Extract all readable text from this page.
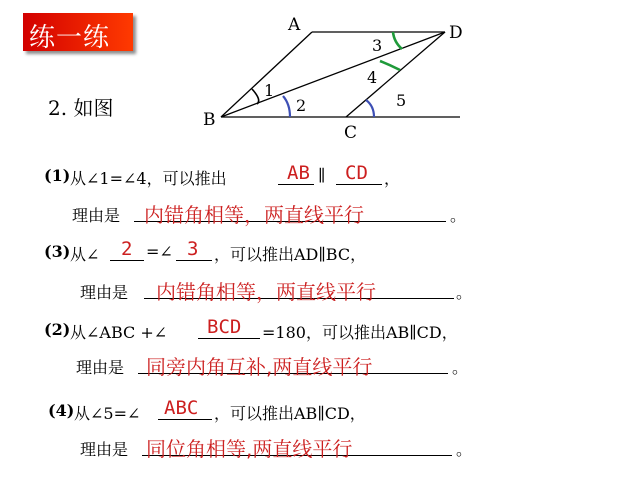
练一练
2. 如图
A	D
B
C
1
2
3
4
5
(1) 从∠1=∠4，可以推出	AB ∥ CD ，
理由是 内错角相等，两直线平行	。
(3) 从∠ 2 =∠ 3 ，可以推出AD∥BC，
理由是 内错角相等，两直线平行	。
(2) 从∠ABC +∠ BCD =180，可以推出AB∥CD，
理由是 同旁内角互补,两直线平行	。
(4) 从∠5=∠ ABC ，可以推出AB∥CD，
理由是 同位角相等,两直线平行	。
